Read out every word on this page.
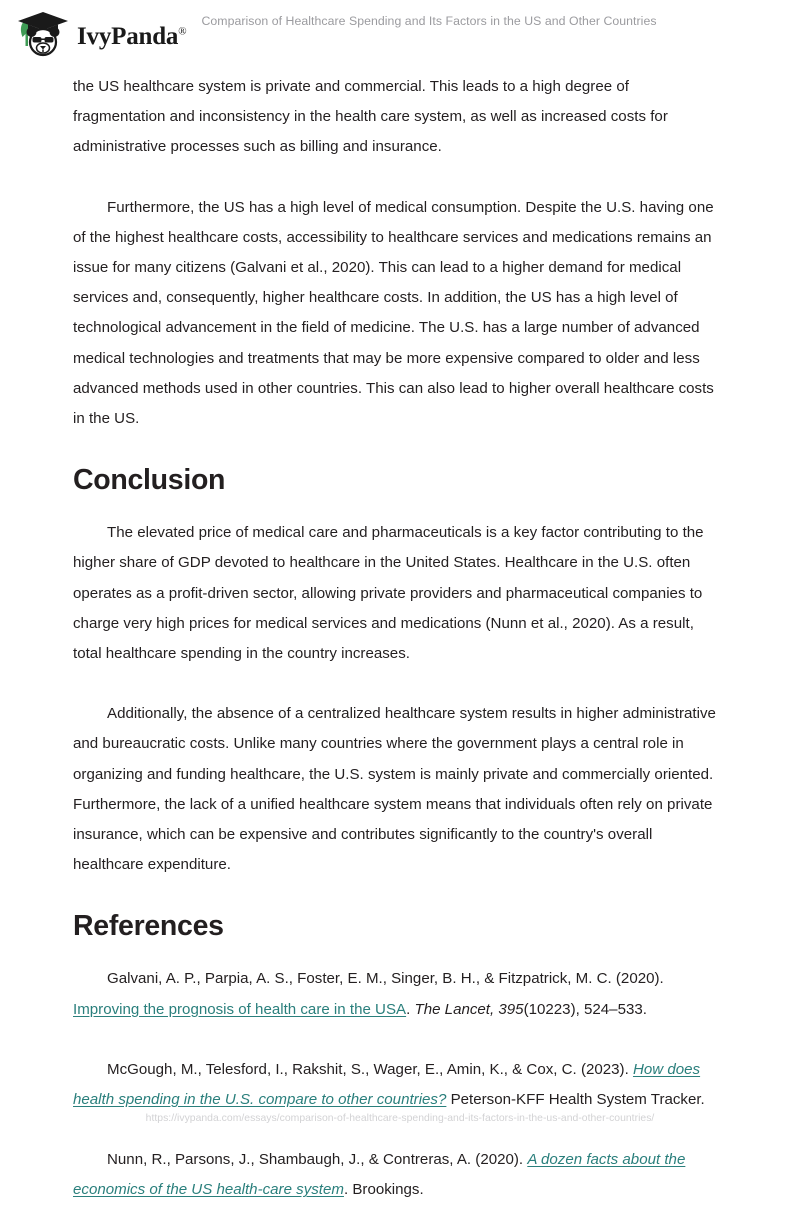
IvyPanda®
Comparison of Healthcare Spending and Its Factors in the US and Other Countries

the US healthcare system is private and commercial. This leads to a high degree of fragmentation and inconsistency in the health care system, as well as increased costs for administrative processes such as billing and insurance.

Furthermore, the US has a high level of medical consumption. Despite the U.S. having one of the highest healthcare costs, accessibility to healthcare services and medications remains an issue for many citizens (Galvani et al., 2020). This can lead to a higher demand for medical services and, consequently, higher healthcare costs. In addition, the US has a high level of technological advancement in the field of medicine. The U.S. has a large number of advanced medical technologies and treatments that may be more expensive compared to older and less advanced methods used in other countries. This can also lead to higher overall healthcare costs in the US.

Conclusion

The elevated price of medical care and pharmaceuticals is a key factor contributing to the higher share of GDP devoted to healthcare in the United States. Healthcare in the U.S. often operates as a profit-driven sector, allowing private providers and pharmaceutical companies to charge very high prices for medical services and medications (Nunn et al., 2020). As a result, total healthcare spending in the country increases.

Additionally, the absence of a centralized healthcare system results in higher administrative and bureaucratic costs. Unlike many countries where the government plays a central role in organizing and funding healthcare, the U.S. system is mainly private and commercially oriented. Furthermore, the lack of a unified healthcare system means that individuals often rely on private insurance, which can be expensive and contributes significantly to the country's overall healthcare expenditure.

References

Galvani, A. P., Parpia, A. S., Foster, E. M., Singer, B. H., & Fitzpatrick, M. C. (2020). Improving the prognosis of health care in the USA. The Lancet, 395(10223), 524–533.

McGough, M., Telesford, I., Rakshit, S., Wager, E., Amin, K., & Cox, C. (2023). How does health spending in the U.S. compare to other countries? Peterson-KFF Health System Tracker.

Nunn, R., Parsons, J., Shambaugh, J., & Contreras, A. (2020). A dozen facts about the economics of the US health-care system. Brookings.

https://ivypanda.com/essays/comparison-of-healthcare-spending-and-its-factors-in-the-us-and-other-countries/
